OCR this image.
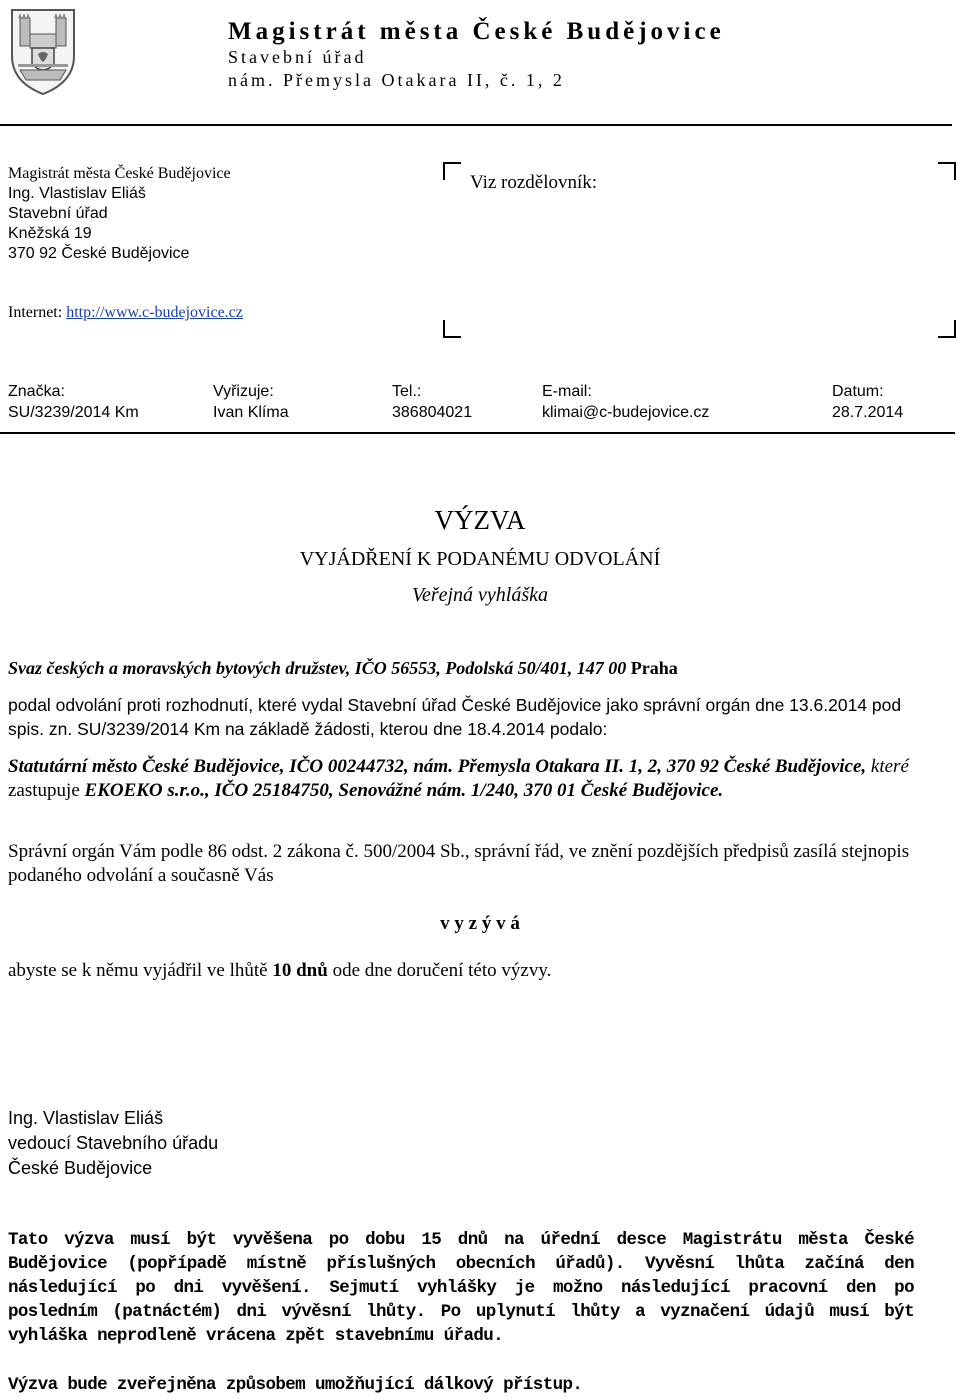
Magistrát města České Budějovice
Stavební úřad
nám. Přemysla Otakara II, č. 1, 2
Magistrát města České Budějovice
Ing. Vlastislav Eliáš
Stavební úřad
Kněžská 19
370 92 České Budějovice
Viz rozdělovník:
Internet: http://www.c-budejovice.cz
Značka:
SU/3239/2014 Km
Vyřizuje:
Ivan Klíma
Tel.:
386804021
E-mail:
klimai@c-budejovice.cz
Datum:
28.7.2014
VÝZVA
VYJÁDŘENÍ K PODANÉMU ODVOLÁNÍ
Veřejná vyhláška
Svaz českých a moravských bytových družstev, IČO 56553, Podolská 50/401, 147 00 Praha
podal odvolání proti rozhodnutí, které vydal Stavební úřad České Budějovice jako správní orgán dne 13.6.2014 pod spis. zn. SU/3239/2014 Km na základě žádosti, kterou dne 18.4.2014 podalo:
Statutární město České Budějovice, IČO 00244732, nám. Přemysla Otakara II. 1, 2, 370 92 České Budějovice, které zastupuje EKOEKO s.r.o., IČO 25184750, Senovážné nám. 1/240, 370 01 České Budějovice.
Správní orgán Vám podle 86 odst. 2 zákona č. 500/2004 Sb., správní řád, ve znění pozdějších předpisů zasílá stejnopis podaného odvolání a současně Vás
v y z ý v á
abyste se k němu vyjádřil ve lhůtě 10 dnů ode dne doručení této výzvy.
Ing. Vlastislav Eliáš
vedoucí Stavebního úřadu
České Budějovice
Tato výzva musí být vyvěšena po dobu 15 dnů na úřední desce Magistrátu města České Budějovice (popřípadě místně příslušných obecních úřadů). Vyvěsní lhůta začíná den následující po dni vyvěšení. Sejmutí vyhlášky je možno následující pracovní den po posledním (patnáctém) dni vývěsní lhůty. Po uplynutí lhůty a vyznačení údajů musí být vyhláška neprodleně vrácena zpět stavebnímu úřadu.
Výzva bude zveřejněna způsobem umožňující dálkový přístup.
